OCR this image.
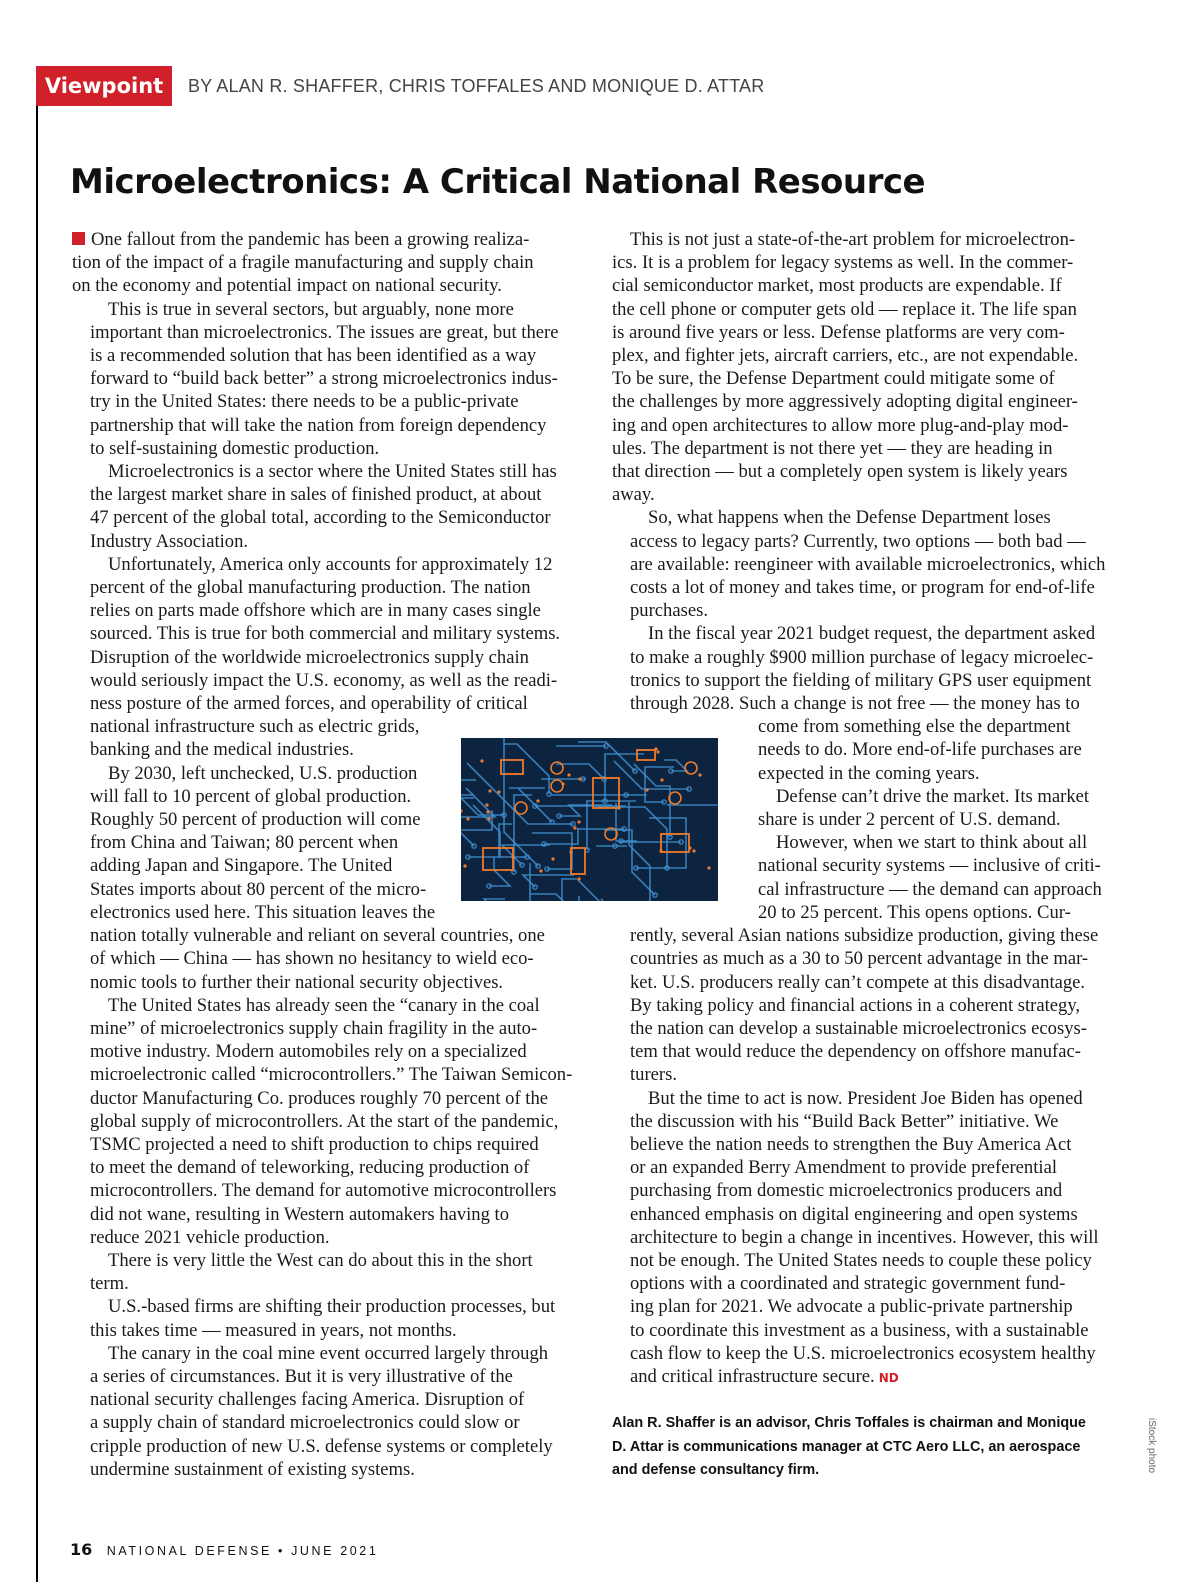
Viewpoint	BY ALAN R. SHAFFER, CHRIS TOFFALES AND MONIQUE D. ATTAR
Microelectronics: A Critical National Resource

One fallout from the pandemic has been a growing realiza-
tion of the impact of a fragile manufacturing and supply chain
on the economy and potential impact on national security.

This is true in several sectors, but arguably, none more
important than microelectronics. The issues are great, but there
is a recommended solution that has been identified as a way
forward to “build back better” a strong microelectronics indus-
try in the United States: there needs to be a public-private
partnership that will take the nation from foreign dependency
to self-sustaining domestic production.

Microelectronics is a sector where the United States still has
the largest market share in sales of finished product, at about
47 percent of the global total, according to the Semiconductor
Industry Association.

Unfortunately, America only accounts for approximately 12
percent of the global manufacturing production. The nation
relies on parts made offshore which are in many cases single
sourced. This is true for both commercial and military systems.
Disruption of the worldwide microelectronics supply chain
would seriously impact the U.S. economy, as well as the readi-
ness posture of the armed forces, and operability of critical
national infrastructure such as electric grids,
banking and the medical industries.

By 2030, left unchecked, U.S. production
will fall to 10 percent of global production.
Roughly 50 percent of production will come
from China and Taiwan; 80 percent when
adding Japan and Singapore. The United
States imports about 80 percent of the micro-
electronics used here. This situation leaves the
nation totally vulnerable and reliant on several countries, one
of which — China — has shown no hesitancy to wield eco-
nomic tools to further their national security objectives.

The United States has already seen the “canary in the coal
mine” of microelectronics supply chain fragility in the auto-
motive industry. Modern automobiles rely on a specialized
microelectronic called “microcontrollers.” The Taiwan Semicon-
ductor Manufacturing Co. produces roughly 70 percent of the
global supply of microcontrollers. At the start of the pandemic,
TSMC projected a need to shift production to chips required
to meet the demand of teleworking, reducing production of
microcontrollers. The demand for automotive microcontrollers
did not wane, resulting in Western automakers having to
reduce 2021 vehicle production.

There is very little the West can do about this in the short
term.

U.S.-based firms are shifting their production processes, but
this takes time — measured in years, not months.

The canary in the coal mine event occurred largely through
a series of circumstances. But it is very illustrative of the
national security challenges facing America. Disruption of
a supply chain of standard microelectronics could slow or
cripple production of new U.S. defense systems or completely
undermine sustainment of existing systems.

This is not just a state-of-the-art problem for microelectron-
ics. It is a problem for legacy systems as well. In the commer-
cial semiconductor market, most products are expendable. If
the cell phone or computer gets old — replace it. The life span
is around five years or less. Defense platforms are very com-
plex, and fighter jets, aircraft carriers, etc., are not expendable.
To be sure, the Defense Department could mitigate some of
the challenges by more aggressively adopting digital engineer-
ing and open architectures to allow more plug-and-play mod-
ules. The department is not there yet — they are heading in
that direction — but a completely open system is likely years
away.

So, what happens when the Defense Department loses
access to legacy parts? Currently, two options — both bad —
are available: reengineer with available microelectronics, which
costs a lot of money and takes time, or program for end-of-life
purchases.

In the fiscal year 2021 budget request, the department asked
to make a roughly $900 million purchase of legacy microelec-
tronics to support the fielding of military GPS user equipment
through 2028. Such a change is not free — the money has to
come from something else the department
needs to do. More end-of-life purchases are
expected in the coming years.

Defense can’t drive the market. Its market
share is under 2 percent of U.S. demand.

However, when we start to think about all
national security systems — inclusive of criti-
cal infrastructure — the demand can approach
20 to 25 percent. This opens options. Cur-
rently, several Asian nations subsidize production, giving these
countries as much as a 30 to 50 percent advantage in the mar-
ket. U.S. producers really can’t compete at this disadvantage.
By taking policy and financial actions in a coherent strategy,
the nation can develop a sustainable microelectronics ecosys-
tem that would reduce the dependency on offshore manufac-
turers.

But the time to act is now. President Joe Biden has opened
the discussion with his “Build Back Better” initiative. We
believe the nation needs to strengthen the Buy America Act
or an expanded Berry Amendment to provide preferential
purchasing from domestic microelectronics producers and
enhanced emphasis on digital engineering and open systems
architecture to begin a change in incentives. However, this will
not be enough. The United States needs to couple these policy
options with a coordinated and strategic government fund-
ing plan for 2021. We advocate a public-private partnership
to coordinate this investment as a business, with a sustainable
cash flow to keep the U.S. microelectronics ecosystem healthy
and critical infrastructure secure. ND

iStock photo
Alan R. Shaffer is an advisor, Chris Toffales is chairman and Monique
D. Attar is communications manager at CTC Aero LLC, an aerospace
and defense consultancy firm.
16 NATIONAL DEFENSE • JUNE 2021
